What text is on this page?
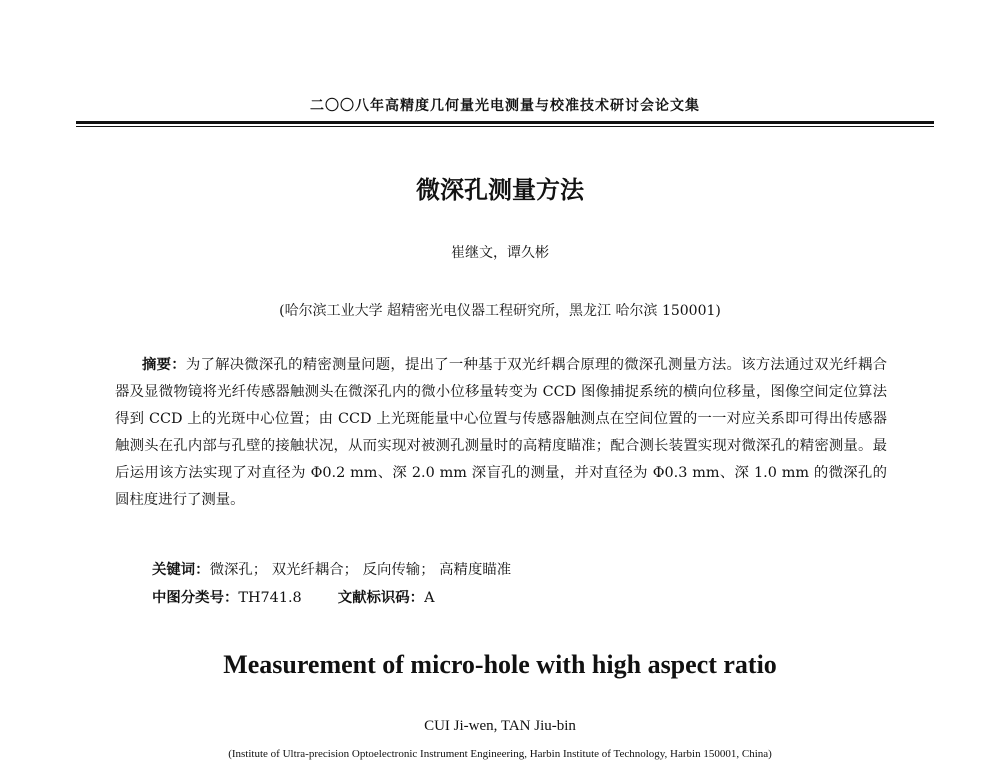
二〇〇八年高精度几何量光电测量与校准技术研讨会论文集
微深孔测量方法
崔继文，谭久彬
(哈尔滨工业大学 超精密光电仪器工程研究所，黑龙江 哈尔滨 150001)

摘要：为了解决微深孔的精密测量问题，提出了一种基于双光纤耦合原理的微深孔测量方法。该方法通过双光纤耦合器及显微物镜将光纤传感器触测头在微深孔内的微小位移量转变为 CCD 图像捕捉系统的横向位移量，图像空间定位算法得到 CCD 上的光斑中心位置；由 CCD 上光斑能量中心位置与传感器触测点在空间位置的一一对应关系即可得出传感器触测头在孔内部与孔壁的接触状况，从而实现对被测孔测量时的高精度瞄准；配合测长装置实现对微深孔的精密测量。最后运用该方法实现了对直径为 Φ0.2 mm、深 2.0 mm 深盲孔的测量，并对直径为 Φ0.3 mm、深 1.0 mm 的微深孔的圆柱度进行了测量。

关键词：微深孔； 双光纤耦合； 反向传输； 高精度瞄准
中图分类号：TH741.8	文献标识码：A
Measurement of micro-hole with high aspect ratio
CUI Ji-wen, TAN Jiu-bin
(Institute of Ultra-precision Optoelectronic Instrument Engineering, Harbin Institute of Technology, Harbin 150001, China)
